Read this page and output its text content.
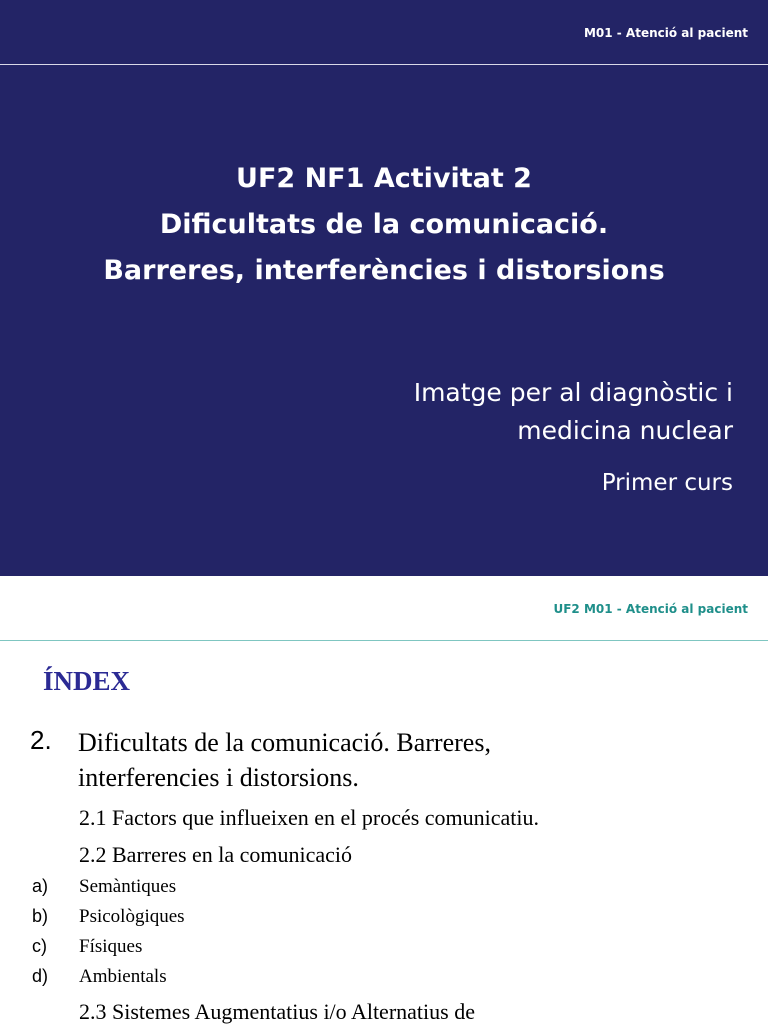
M01 - Atenció al pacient
UF2 NF1 Activitat 2
Dificultats de la comunicació.
Barreres, interferències i distorsions
Imatge per al diagnòstic i
medicina nuclear
Primer curs
UF2 M01 - Atenció al pacient
ÍNDEX
2. Dificultats de la comunicació. Barreres,
interferencies i distorsions.
2.1 Factors que influeixen en el procés comunicatiu.
2.2 Barreres en la comunicació
a) Semàntiques
b) Psicològiques
c) Físiques
d) Ambientals
2.3 Sistemes Augmentatius i/o Alternatius de
